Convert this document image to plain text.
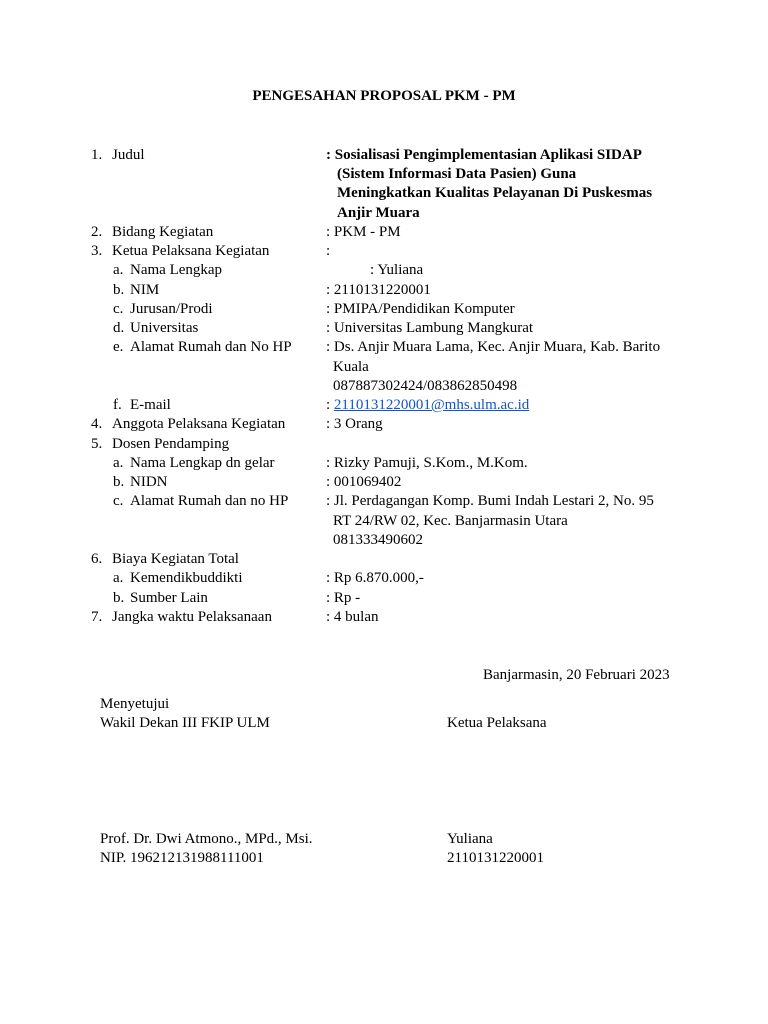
PENGESAHAN PROPOSAL PKM - PM
1. Judul	: Sosialisasi Pengimplementasian Aplikasi SIDAP
(Sistem Informasi Data Pasien) Guna
Meningkatkan Kualitas Pelayanan Di Puskesmas
Anjir Muara
2. Bidang Kegiatan	: PKM - PM
3. Ketua Pelaksana Kegiatan	:
a. Nama Lengkap	: Yuliana
b. NIM	: 2110131220001
c. Jurusan/Prodi	: PMIPA/Pendidikan Komputer
d. Universitas	: Universitas Lambung Mangkurat
e. Alamat Rumah dan No HP : Ds. Anjir Muara Lama, Kec. Anjir Muara, Kab. Barito
Kuala
087887302424/083862850498
f. E-mail	: 2110131220001@mhs.ulm.ac.id
4. Anggota Pelaksana Kegiatan	: 3 Orang
5. Dosen Pendamping
a. Nama Lengkap dn gelar	: Rizky Pamuji, S.Kom., M.Kom.
b. NIDN	: 001069402
c. Alamat Rumah dan no HP	: Jl. Perdagangan Komp. Bumi Indah Lestari 2, No. 95
RT 24/RW 02, Kec. Banjarmasin Utara
081333490602
6. Biaya Kegiatan Total
a. Kemendikbuddikti	: Rp 6.870.000,-
b. Sumber Lain	: Rp -
7. Jangka waktu Pelaksanaan	: 4 bulan
Banjarmasin, 20 Februari 2023
Menyetujui
Wakil Dekan III FKIP ULM	Ketua Pelaksana
Prof. Dr. Dwi Atmono., MPd., Msi.
NIP. 196212131988111001
Yuliana
2110131220001
